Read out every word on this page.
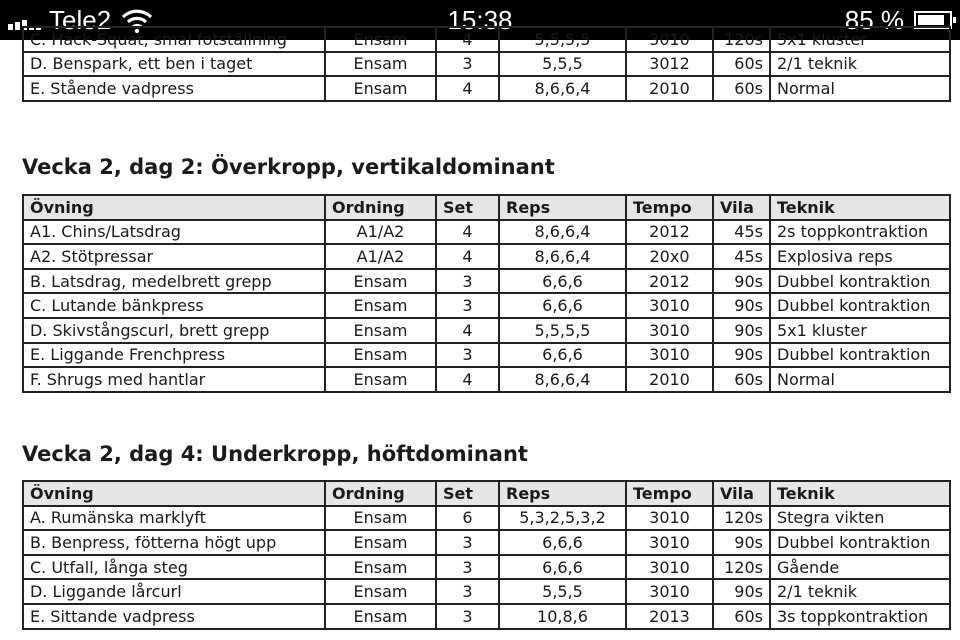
Tele2	15:38	85 %
C. Hack-Squat, smal fotställning	Ensam	4	5,5,5,5	3010	120s	5x1 kluster
D. Benspark, ett ben i taget	Ensam	3	5,5,5	3012	60s	2/1 teknik
E. Stående vadpress	Ensam	4	8,6,6,4	2010	60s	Normal
Vecka 2, dag 2: Överkropp, vertikaldominant
Övning	Ordning	Set	Reps	Tempo	Vila	Teknik
A1. Chins/Latsdrag	A1/A2	4	8,6,6,4	2012	45s	2s toppkontraktion
A2. Stötpressar	A1/A2	4	8,6,6,4	20x0	45s	Explosiva reps
B. Latsdrag, medelbrett grepp	Ensam	3	6,6,6	2012	90s	Dubbel kontraktion
C. Lutande bänkpress	Ensam	3	6,6,6	3010	90s	Dubbel kontraktion
D. Skivstångscurl, brett grepp	Ensam	4	5,5,5,5	3010	90s	5x1 kluster
E. Liggande Frenchpress	Ensam	3	6,6,6	3010	90s	Dubbel kontraktion
F. Shrugs med hantlar	Ensam	4	8,6,6,4	2010	60s	Normal
Vecka 2, dag 4: Underkropp, höftdominant
Övning	Ordning	Set	Reps	Tempo	Vila	Teknik
A. Rumänska marklyft	Ensam	6	5,3,2,5,3,2	3010	120s	Stegra vikten
B. Benpress, fötterna högt upp	Ensam	3	6,6,6	3010	90s	Dubbel kontraktion
C. Utfall, långa steg	Ensam	3	6,6,6	3010	120s	Gående
D. Liggande lårcurl	Ensam	3	5,5,5	3010	90s	2/1 teknik
E. Sittande vadpress	Ensam	3	10,8,6	2013	60s	3s toppkontraktion
